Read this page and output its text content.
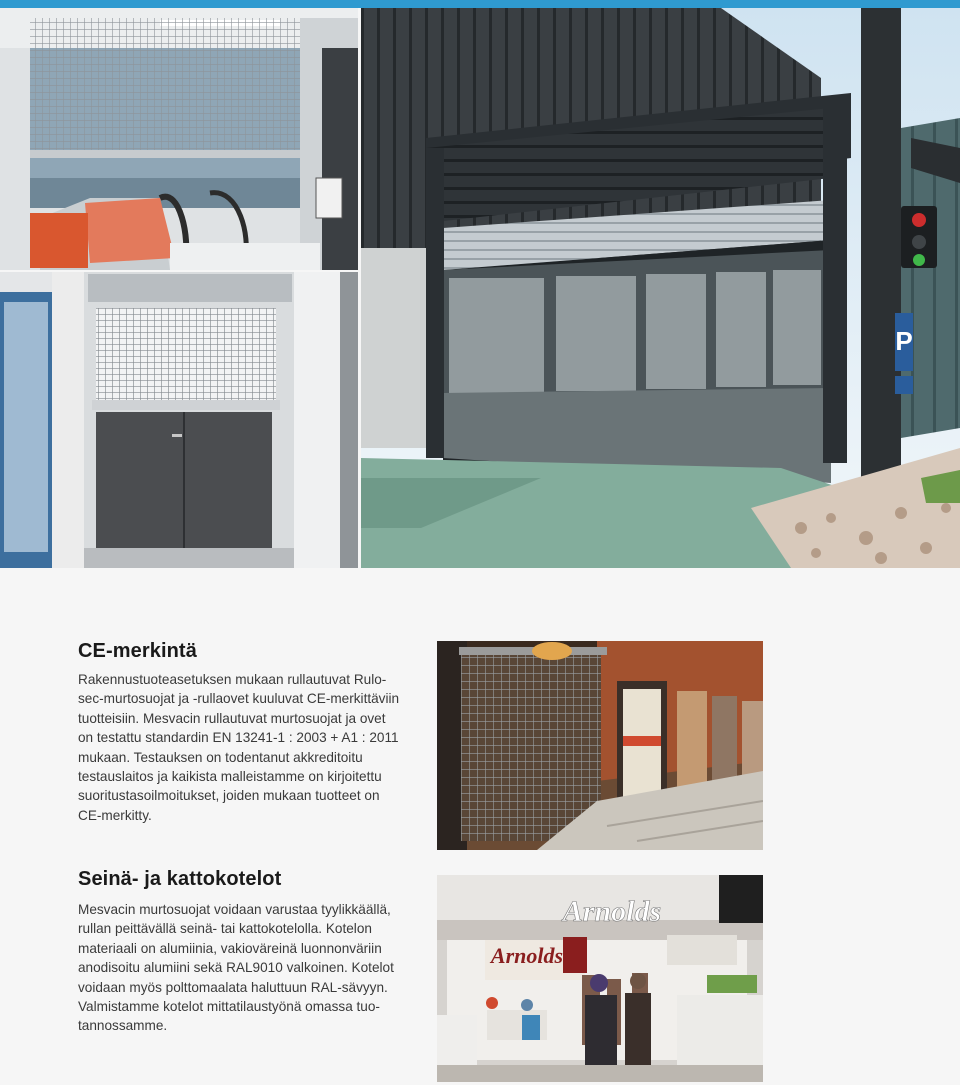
P
CE-merkintä

Rakennustuoteasetuksen mukaan rullautuvat Rulo-
sec-murtosuojat ja -rullaovet kuuluvat CE-merkittäviin
tuotteisiin. Mesvacin rullautuvat murtosuojat ja ovet
on testattu standardin EN 13241-1 : 2003 + A1 : 2011
mukaan. Testauksen on todentanut akkreditoitu
testauslaitos ja kaikista malleistamme on kirjoitettu
suoritustasoilmoitukset, joiden mukaan tuotteet on
CE-merkitty.

Seinä- ja kattokotelot

Mesvacin murtosuojat voidaan varustaa tyylikkäällä,
rullan peittävällä seinä- tai kattokotelolla. Kotelon
materiaali on alumiinia, vakioväreinä luonnonväriin
anodisoitu alumiini sekä RAL9010 valkoinen. Kotelot
voidaan myös polttomaalata haluttuun RAL-sävyyn.
Valmistamme kotelot mittatilaustyönä omassa tuo-
tannossamme.

Arnolds
Arnolds
